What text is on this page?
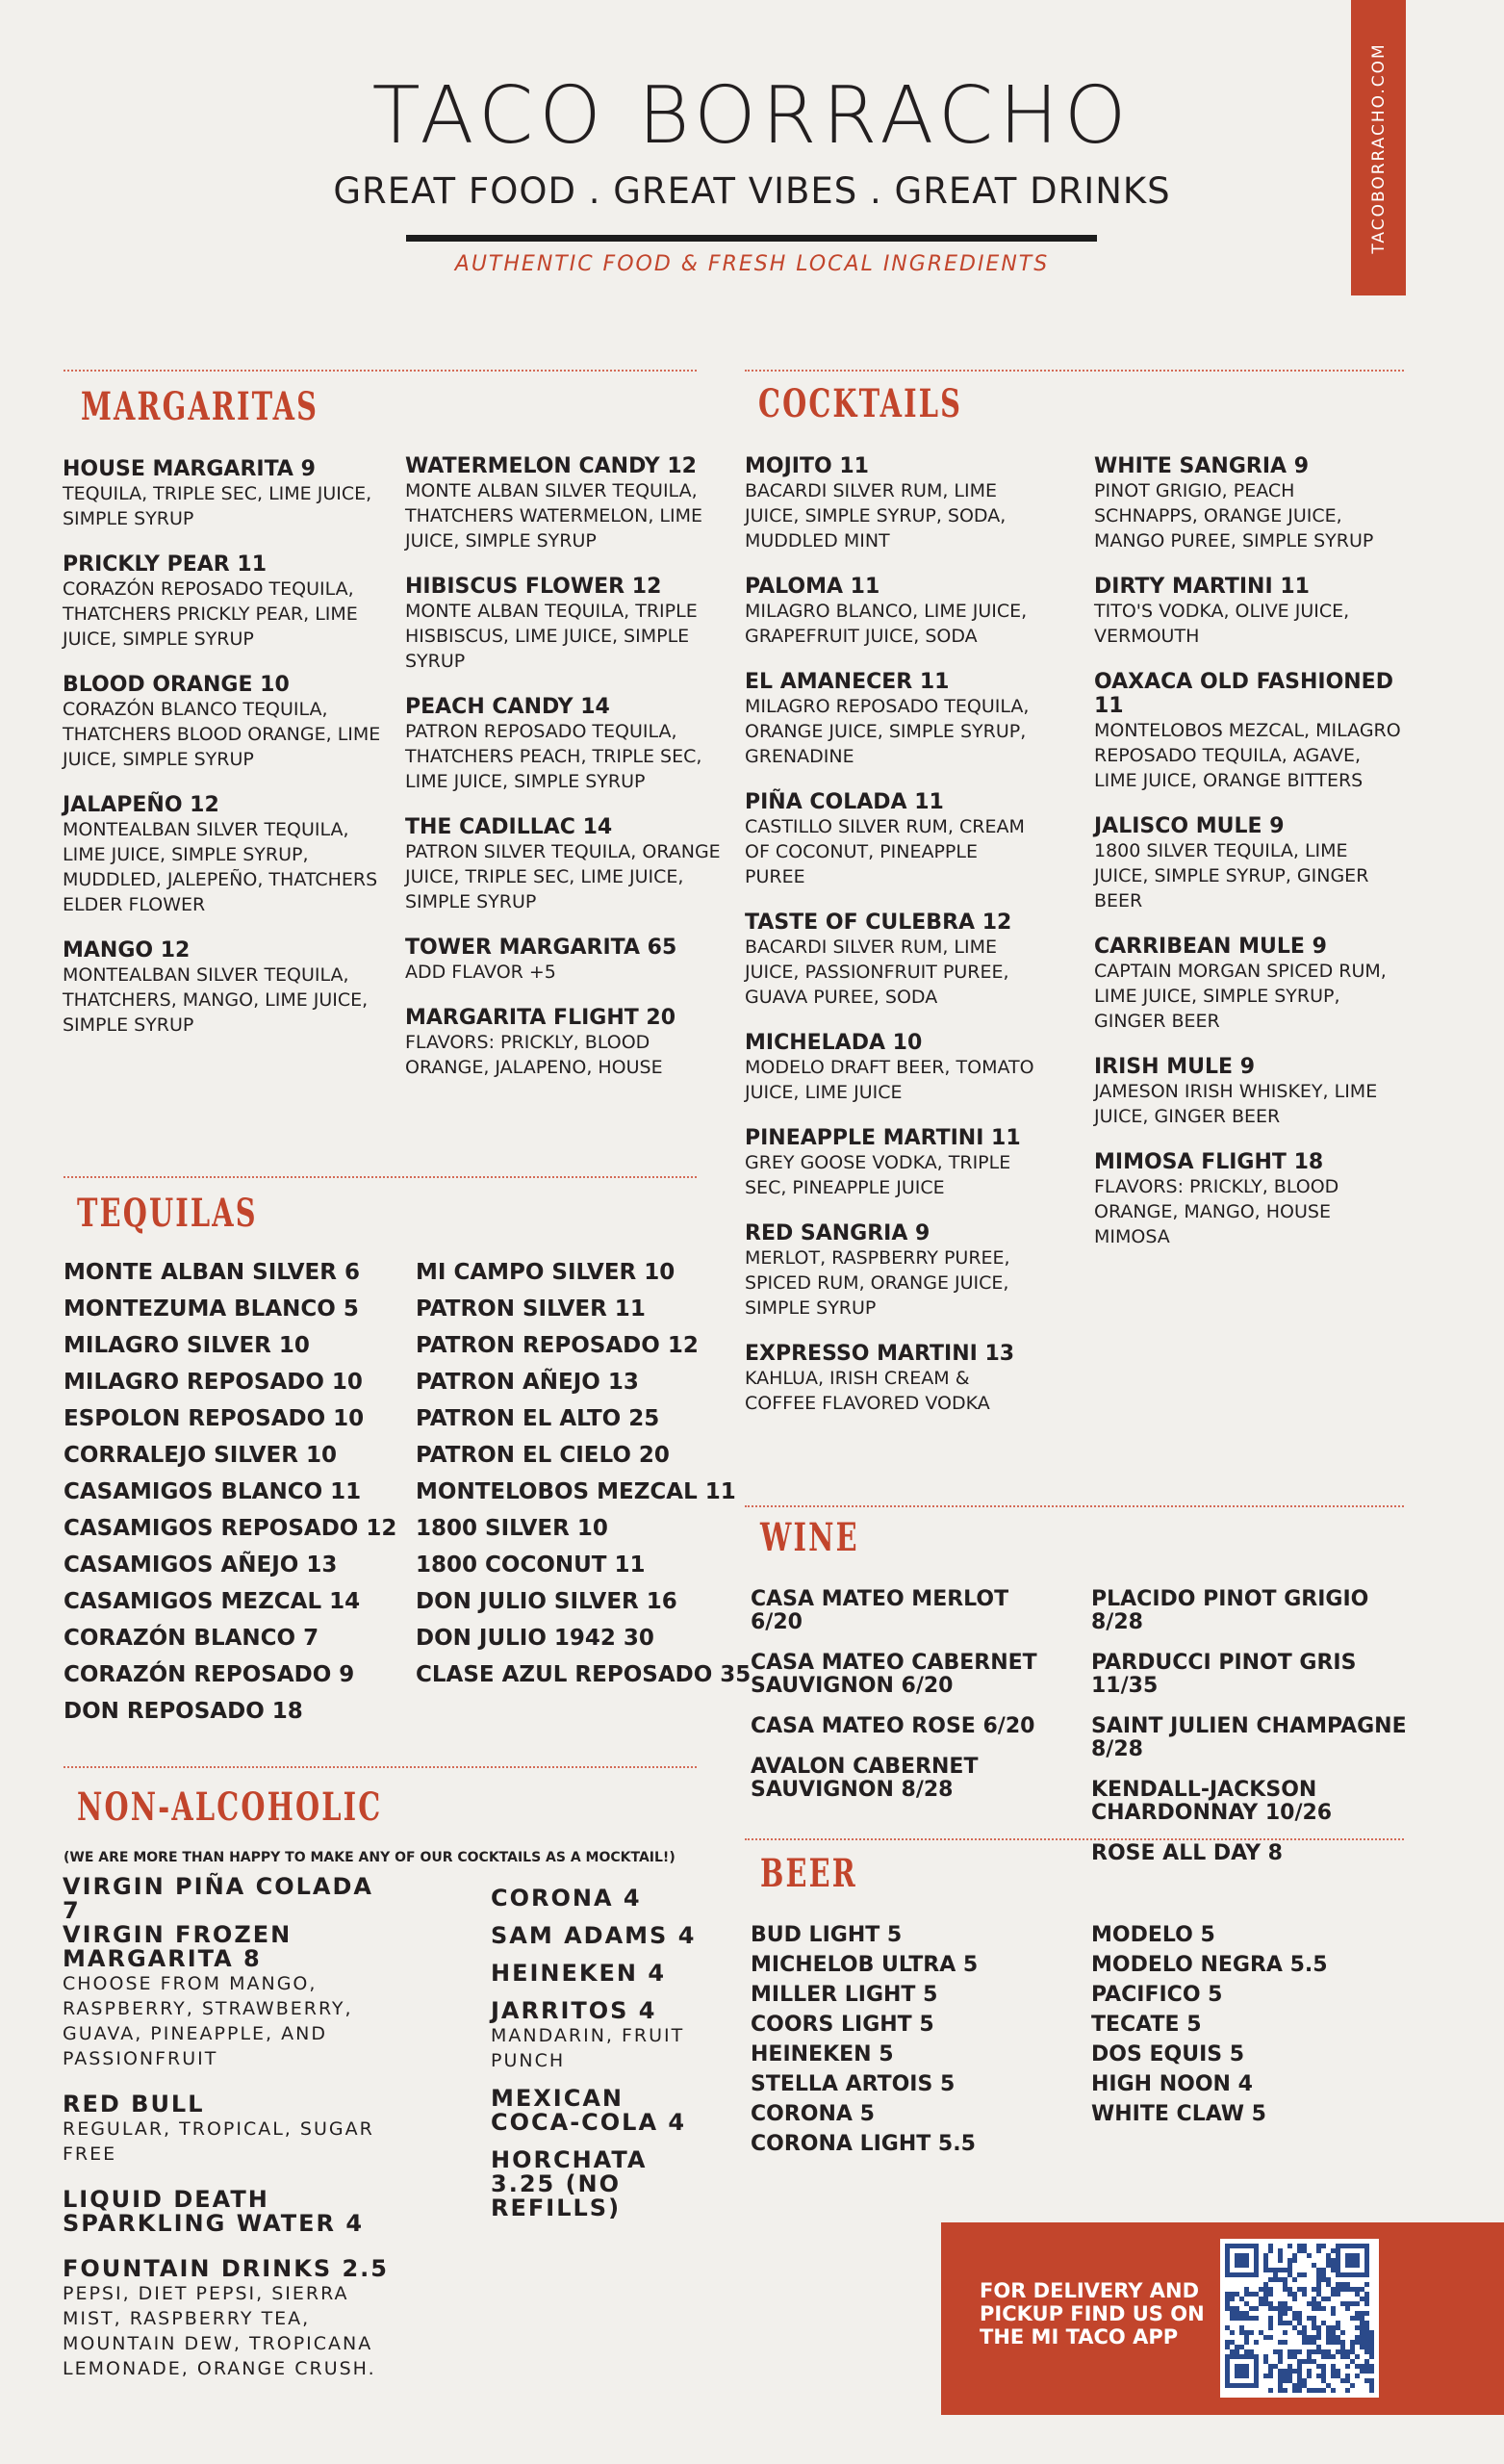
TACOBORRACHO.COM
TACO BORRACHO
GREAT FOOD . GREAT VIBES . GREAT DRINKS
AUTHENTIC FOOD & FRESH LOCAL INGREDIENTS
MARGARITAS
HOUSE MARGARITA 9
TEQUILA, TRIPLE SEC, LIME JUICE, SIMPLE SYRUP
PRICKLY PEAR 11
CORAZÓN REPOSADO TEQUILA, THATCHERS PRICKLY PEAR, LIME JUICE, SIMPLE SYRUP
BLOOD ORANGE 10
CORAZÓN BLANCO TEQUILA, THATCHERS BLOOD ORANGE, LIME JUICE, SIMPLE SYRUP
JALAPEÑO 12
MONTEALBAN SILVER TEQUILA, LIME JUICE, SIMPLE SYRUP, MUDDLED, JALEPEÑO, THATCHERS ELDER FLOWER
MANGO 12
MONTEALBAN SILVER TEQUILA, THATCHERS, MANGO, LIME JUICE, SIMPLE SYRUP
WATERMELON CANDY 12
MONTE ALBAN SILVER TEQUILA, THATCHERS WATERMELON, LIME JUICE, SIMPLE SYRUP
HIBISCUS FLOWER 12
MONTE ALBAN TEQUILA, TRIPLE HISBISCUS, LIME JUICE, SIMPLE SYRUP
PEACH CANDY 14
PATRON REPOSADO TEQUILA, THATCHERS PEACH, TRIPLE SEC, LIME JUICE, SIMPLE SYRUP
THE CADILLAC 14
PATRON SILVER TEQUILA, ORANGE JUICE, TRIPLE SEC, LIME JUICE, SIMPLE SYRUP
TOWER MARGARITA 65
ADD FLAVOR +5
MARGARITA FLIGHT 20
FLAVORS: PRICKLY, BLOOD ORANGE, JALAPENO, HOUSE
TEQUILAS
MONTE ALBAN SILVER 6
MONTEZUMA BLANCO 5
MILAGRO SILVER 10
MILAGRO REPOSADO 10
ESPOLON REPOSADO 10
CORRALEJO SILVER 10
CASAMIGOS BLANCO 11
CASAMIGOS REPOSADO 12
CASAMIGOS AÑEJO 13
CASAMIGOS MEZCAL 14
CORAZÓN BLANCO 7
CORAZÓN REPOSADO 9
DON REPOSADO 18
MI CAMPO SILVER 10
PATRON SILVER 11
PATRON REPOSADO 12
PATRON AÑEJO 13
PATRON EL ALTO 25
PATRON EL CIELO 20
MONTELOBOS MEZCAL 11
1800 SILVER 10
1800 COCONUT 11
DON JULIO SILVER 16
DON JULIO 1942 30
CLASE AZUL REPOSADO 35
NON-ALCOHOLIC
(WE ARE MORE THAN HAPPY TO MAKE ANY OF OUR COCKTAILS AS A MOCKTAIL!)
VIRGIN PIÑA COLADA 7
VIRGIN FROZEN MARGARITA 8
CHOOSE FROM MANGO, RASPBERRY, STRAWBERRY, GUAVA, PINEAPPLE, AND PASSIONFRUIT
RED BULL
REGULAR, TROPICAL, SUGAR FREE
LIQUID DEATH SPARKLING WATER 4
FOUNTAIN DRINKS 2.5
PEPSI, DIET PEPSI, SIERRA MIST, RASPBERRY TEA, MOUNTAIN DEW, TROPICANA LEMONADE, ORANGE CRUSH.
CORONA 4
SAM ADAMS 4
HEINEKEN 4
JARRITOS 4
MANDARIN, FRUIT PUNCH
MEXICAN COCA-COLA 4
HORCHATA 3.25 (NO REFILLS)
COCKTAILS
MOJITO 11
BACARDI SILVER RUM, LIME JUICE, SIMPLE SYRUP, SODA, MUDDLED MINT
PALOMA 11
MILAGRO BLANCO, LIME JUICE, GRAPEFRUIT JUICE, SODA
EL AMANECER 11
MILAGRO REPOSADO TEQUILA, ORANGE JUICE, SIMPLE SYRUP, GRENADINE
PIÑA COLADA 11
CASTILLO SILVER RUM, CREAM OF COCONUT, PINEAPPLE PUREE
TASTE OF CULEBRA 12
BACARDI SILVER RUM, LIME JUICE, PASSIONFRUIT PUREE, GUAVA PUREE, SODA
MICHELADA 10
MODELO DRAFT BEER, TOMATO JUICE, LIME JUICE
PINEAPPLE MARTINI 11
GREY GOOSE VODKA, TRIPLE SEC, PINEAPPLE JUICE
RED SANGRIA 9
MERLOT, RASPBERRY PUREE, SPICED RUM, ORANGE JUICE, SIMPLE SYRUP
EXPRESSO MARTINI 13
KAHLUA, IRISH CREAM & COFFEE FLAVORED VODKA
WHITE SANGRIA 9
PINOT GRIGIO, PEACH SCHNAPPS, ORANGE JUICE, MANGO PUREE, SIMPLE SYRUP
DIRTY MARTINI 11
TITO'S VODKA, OLIVE JUICE, VERMOUTH
OAXACA OLD FASHIONED 11
MONTELOBOS MEZCAL, MILAGRO REPOSADO TEQUILA, AGAVE, LIME JUICE, ORANGE BITTERS
JALISCO MULE 9
1800 SILVER TEQUILA, LIME JUICE, SIMPLE SYRUP, GINGER BEER
CARRIBEAN MULE 9
CAPTAIN MORGAN SPICED RUM, LIME JUICE, SIMPLE SYRUP, GINGER BEER
IRISH MULE 9
JAMESON IRISH WHISKEY, LIME JUICE, GINGER BEER
MIMOSA FLIGHT 18
FLAVORS: PRICKLY, BLOOD ORANGE, MANGO, HOUSE MIMOSA
WINE
CASA MATEO MERLOT 6/20
CASA MATEO CABERNET SAUVIGNON 6/20
CASA MATEO ROSE 6/20
AVALON CABERNET SAUVIGNON 8/28
PLACIDO PINOT GRIGIO 8/28
PARDUCCI PINOT GRIS 11/35
SAINT JULIEN CHAMPAGNE 8/28
KENDALL-JACKSON CHARDONNAY 10/26
ROSE ALL DAY 8
BEER
BUD LIGHT 5
MICHELOB ULTRA 5
MILLER LIGHT 5
COORS LIGHT 5
HEINEKEN 5
STELLA ARTOIS 5
CORONA 5
CORONA LIGHT 5.5
MODELO 5
MODELO NEGRA 5.5
PACIFICO 5
TECATE 5
DOS EQUIS 5
HIGH NOON 4
WHITE CLAW 5
FOR DELIVERY AND PICKUP FIND US ON THE MI TACO APP
